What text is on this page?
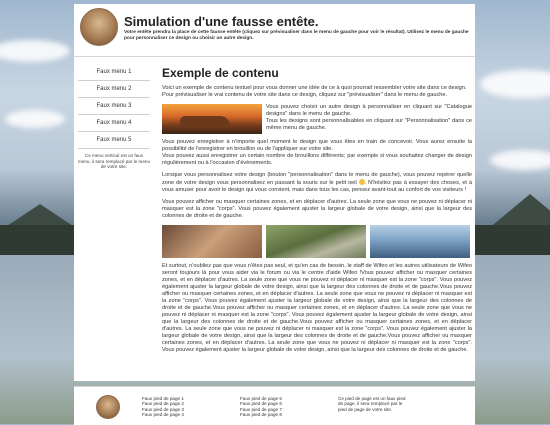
Simulation d'une fausse entête.
Votre entête prendra la place de cette fausse entête (cliquez sur prévisualiser dans le menu de gauche pour voir le résultat). Utilisez le menu de gauche pour personnaliser ce design ou choisir un autre design.
Faux menu 1
Faux menu 2
Faux menu 3
Faux menu 4
Faux menu 5
Ce menu vertical est un faux menu, il sera remplacé par le menu de votre site.
Exemple de contenu

Voici un exemple de contenu textuel pour vous donner une idée de ce à quoi pourrait ressembler votre site dans ce design.
Pour prévisualiser le vrai contenu de votre site dans ce design, cliquez sur "prévisualiser" dans le menu de gauche.

Vous pouvez choisir un autre design à personnaliser en cliquant sur "Catalogue designs" dans le menu de gauche.
Tous les designs sont personnalisables en cliquant sur "Personnalisation" dans ce même menu de gauche.

Vous pouvez enregistrer à n'importe quel moment le design que vous êtes en train de concevoir. Vous aurez ensuite la possibilité de l'enregistrer en brouillon ou de l'appliquer sur votre site.
Vous pouvez aussi enregistrer un certain nombre de brouillons différents; par exemple si vous souhaitez changer de design régulièrement ou à l'occasion d'évènements.

Lorsque vous personnalisez votre design (bouton "personnalisation" dans le menu de gauche), vous pouvez repérer quelle zone de votre design vous personnalisez en passant la souris sur le petit oeil . N'hésitez pas à essayer des choses, et à vous amuser pour avoir le design qui vous convient, mais dans tous les cas, pensez avant-tout au confort de vos visiteurs !

Vous pouvez afficher ou masquer certaines zones, et en déplacer d'autres. La seule zone que vous ne pouvez ni déplacer ni masquer est la zone "corps". Vous pouvez également ajuster la largeur globale de votre design, ainsi que la largeur des colonnes de droite et de gauche.

Et surtout, n'oubliez pas que vous n'êtes pas seul, et qu'en cas de besoin, le staff de Wifeo et les autres utilisateurs de Wifeo seront toujours là pour vous aider via le forum ou via le centre d'aide Wifeo !Vous pouvez afficher ou masquer certaines zones, et en déplacer d'autres. La seule zone que vous ne pouvez ni déplacer ni masquer est la zone "corps". Vous pouvez également ajuster la largeur globale de votre design, ainsi que la largeur des colonnes de droite et de gauche.Vous pouvez afficher ou masquer certaines zones, et en déplacer d'autres. La seule zone que vous ne pouvez ni déplacer ni masquer est la zone "corps". Vous pouvez également ajuster la largeur globale de votre design, ainsi que la largeur des colonnes de droite et de gauche.Vous pouvez afficher ou masquer certaines zones, et en déplacer d'autres. La seule zone que vous ne pouvez ni déplacer ni masquer est la zone "corps". Vous pouvez également ajuster la largeur globale de votre design, ainsi que la largeur des colonnes de droite et de gauche.Vous pouvez afficher ou masquer certaines zones, et en déplacer d'autres. La seule zone que vous ne pouvez ni déplacer ni masquer est la zone "corps". Vous pouvez également ajuster la largeur globale de votre design, ainsi que la largeur des colonnes de droite et de gauche.Vous pouvez afficher ou masquer certaines zones, et en déplacer d'autres. La seule zone que vous ne pouvez ni déplacer ni masquer est la zone "corps". Vous pouvez également ajuster la largeur globale de votre design, ainsi que la largeur des colonnes de droite et de gauche.

Faux pied de page 1
Faux pied de page 2
Faux pied de page 3
Faux pied de page 4
Faux pied de page 5
Faux pied de page 6
Faux pied de page 7
Faux pied de page 8
Ce pied de page est un faux pied de page, il sera remplacé par le pied de page de votre site.
